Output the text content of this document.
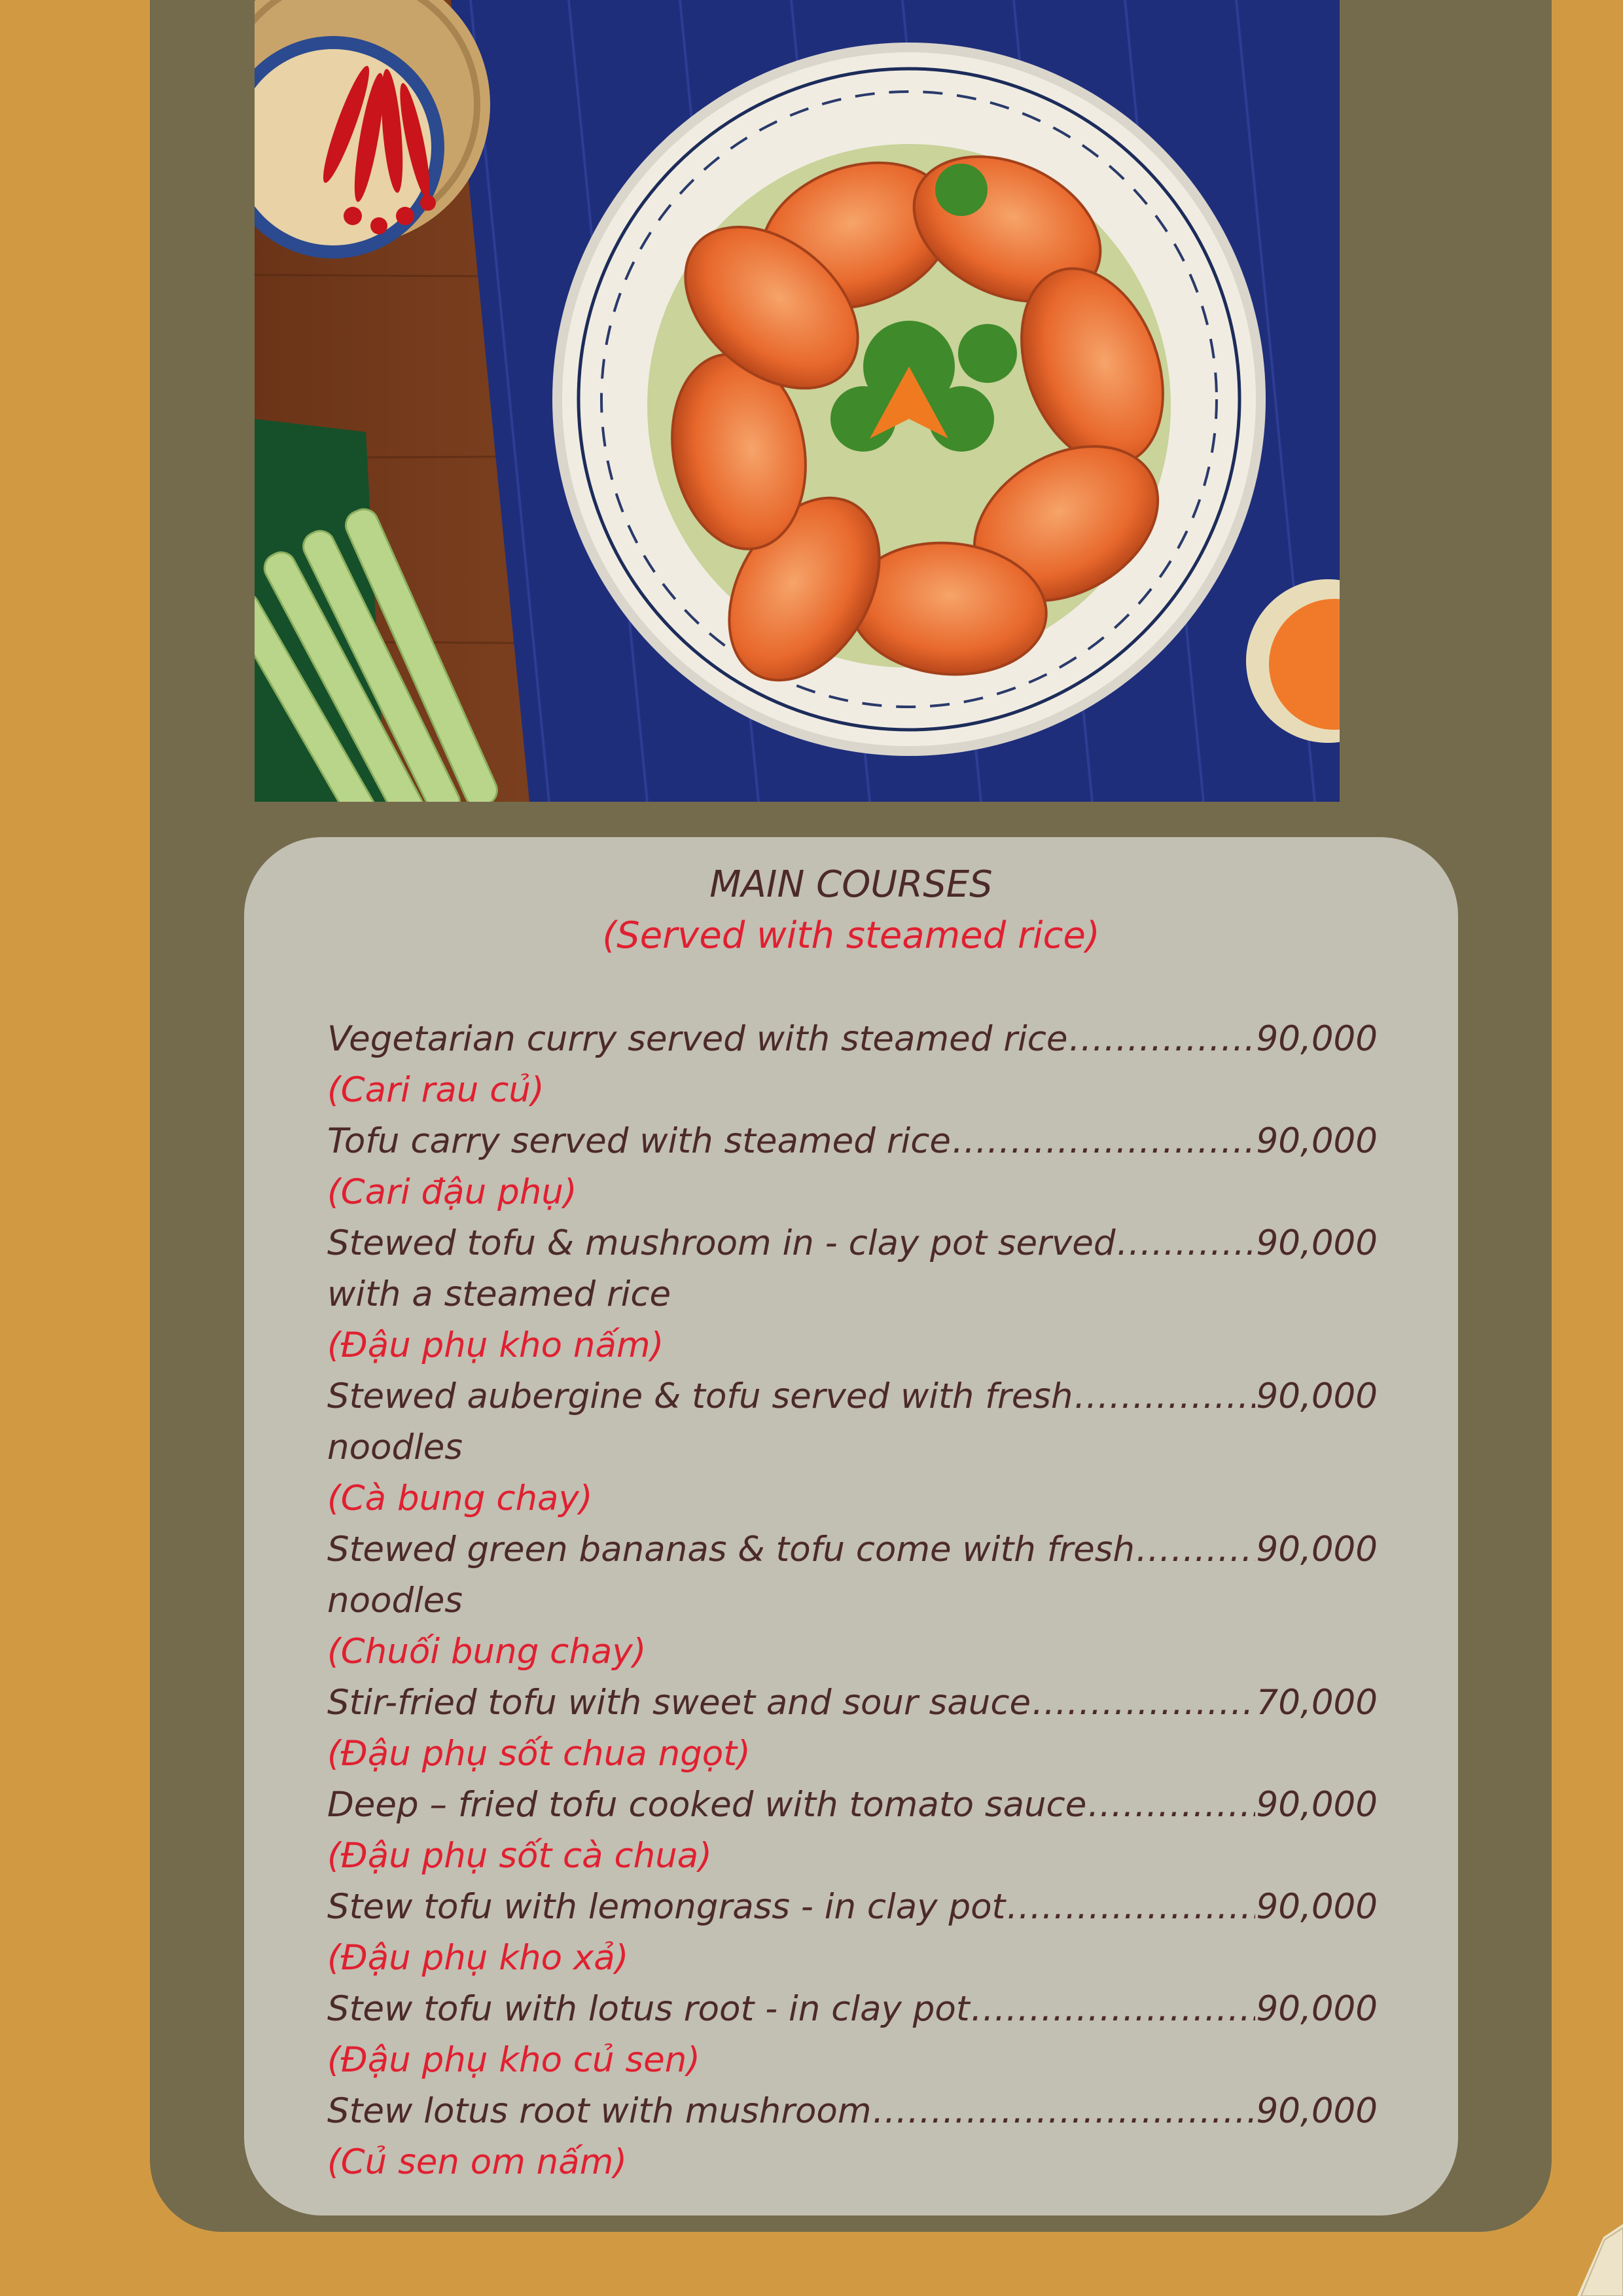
MAIN COURSES
(Served with steamed rice)
Vegetarian curry served with steamed rice .....	90,000
(Cari rau củ)
Tofu carry served with steamed rice .....	90,000
(Cari đậu phụ)
Stewed tofu & mushroom in - clay pot served .....	90,000
with a steamed rice
(Đậu phụ kho nấm)
Stewed aubergine & tofu served with fresh .....	90,000
noodles
(Cà bung chay)
Stewed green bananas & tofu come with fresh .....	90,000
noodles
(Chuối bung chay)
Stir-fried tofu with sweet and sour sauce .....	70,000
(Đậu phụ sốt chua ngọt)
Deep – fried tofu cooked with tomato sauce .....	90,000
(Đậu phụ sốt cà chua)
Stew tofu with lemongrass - in clay pot .....	90,000
(Đậu phụ kho xả)
Stew tofu with lotus root - in clay pot .....	90,000
(Đậu phụ kho củ sen)
Stew lotus root with mushroom .....	90,000
(Củ sen om nấm)
